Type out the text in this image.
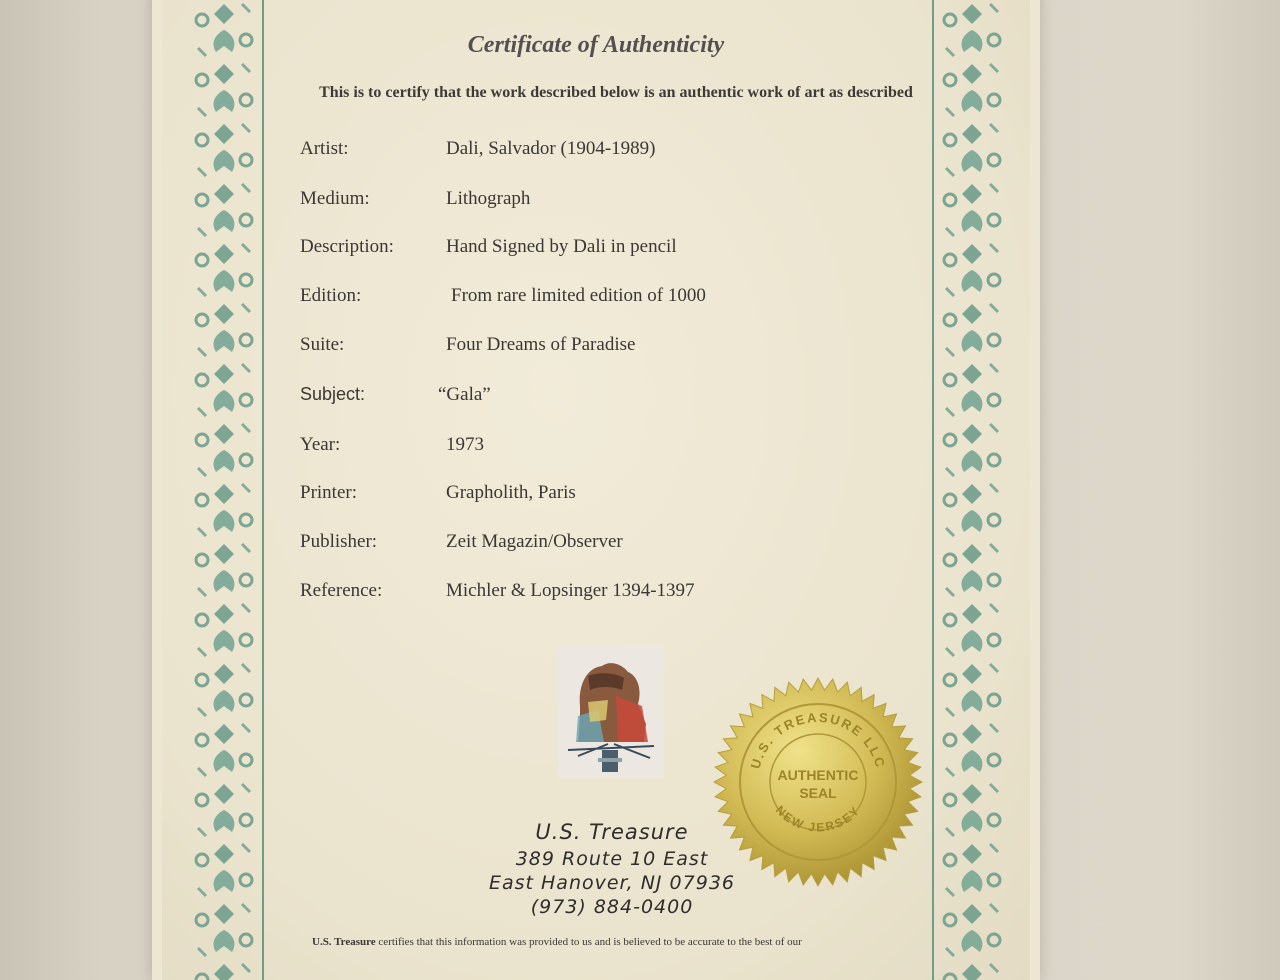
Certificate of Authenticity
This is to certify that the work described below is an authentic work of art as described
Artist:	Dali, Salvador (1904-1989)
Medium:	Lithograph
Description:	Hand Signed by Dali in pencil
Edition:	From rare limited edition of 1000
Suite:	Four Dreams of Paradise
Subject:	“Gala”
Year:	1973
Printer:	Grapholith, Paris
Publisher:	Zeit Magazin/Observer
Reference:	Michler & Lopsinger 1394-1397
U.S. TREASURE LLC
NEW JERSEY
AUTHENTIC
SEAL
U.S. Treasure
389 Route 10 East
East Hanover, NJ 07936
(973) 884-0400
U.S. Treasure certifies that this information was provided to us and is believed to be accurate to the best of our
